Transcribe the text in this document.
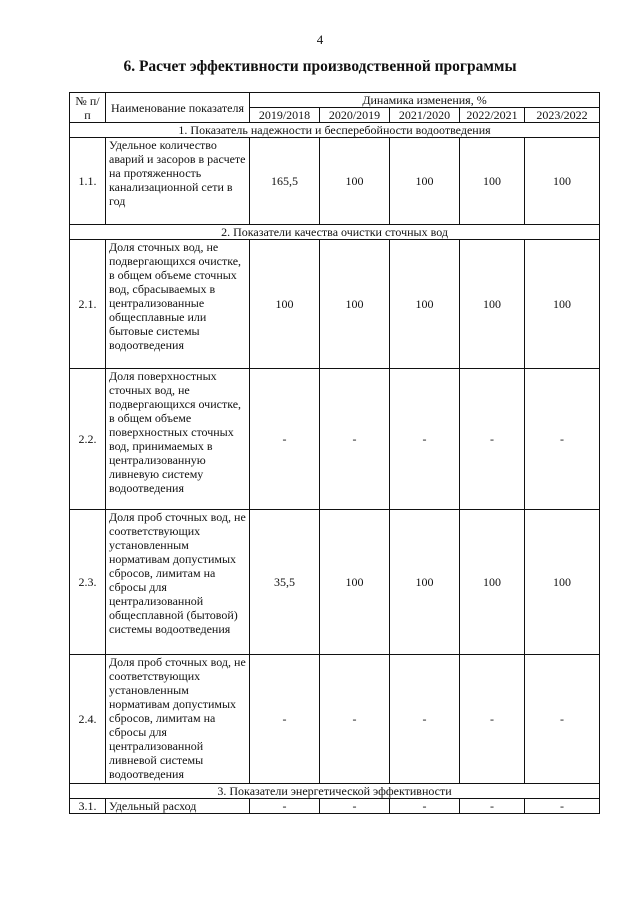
4
6. Расчет эффективности производственной программы
№ п/п	Наименование показателя	Динамика изменения, %				
		2019/2018	2020/2019	2021/2020	2022/2021	2023/2022
1. Показатель надежности и бесперебойности водоотведения						
1.1.	Удельное количество аварий и засоров в расчете на протяженность канализационной сети в год	165,5	100	100	100	100
2. Показатели качества очистки сточных вод						
2.1.	Доля сточных вод, не подвергающихся очистке, в общем объеме сточных вод, сбрасываемых в централизованные общесплавные или бытовые системы водоотведения	100	100	100	100	100
2.2.	Доля поверхностных сточных вод, не подвергающихся очистке, в общем объеме поверхностных сточных вод, принимаемых в централизованную ливневую систему водоотведения	-	-	-	-	-
2.3.	Доля проб сточных вод, не соответствующих установленным нормативам допустимых сбросов, лимитам на сбросы для централизованной общесплавной (бытовой) системы водоотведения	35,5	100	100	100	100
2.4.	Доля проб сточных вод, не соответствующих установленным нормативам допустимых сбросов, лимитам на сбросы для централизованной ливневой системы водоотведения	-	-	-	-	-
3. Показатели энергетической эффективности						
3.1.	Удельный расход	-	-	-	-	-
